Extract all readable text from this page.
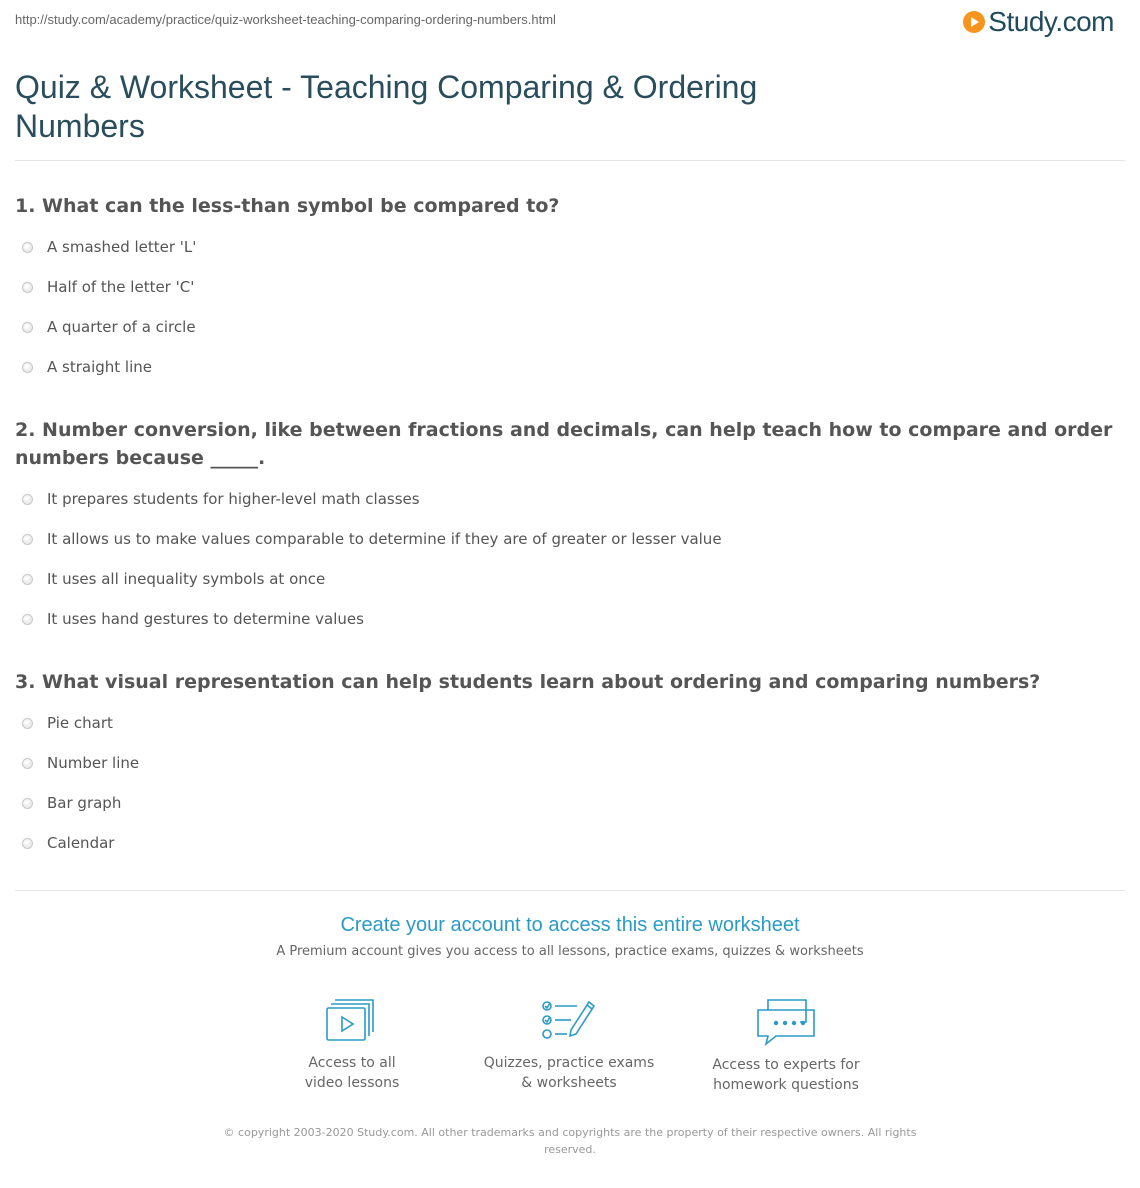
http://study.com/academy/practice/quiz-worksheet-teaching-comparing-ordering-numbers.html	Study.com
Quiz & Worksheet - Teaching Comparing & Ordering Numbers
1. What can the less-than symbol be compared to?
A smashed letter 'L'
Half of the letter 'C'
A quarter of a circle
A straight line
2. Number conversion, like between fractions and decimals, can help teach how to compare and order numbers because _____.
It prepares students for higher-level math classes
It allows us to make values comparable to determine if they are of greater or lesser value
It uses all inequality symbols at once
It uses hand gestures to determine values
3. What visual representation can help students learn about ordering and comparing numbers?
Pie chart
Number line
Bar graph
Calendar
Create your account to access this entire worksheet
A Premium account gives you access to all lessons, practice exams, quizzes & worksheets
Access to all
video lessons
Quizzes, practice exams
& worksheets
Access to experts for
homework questions
© copyright 2003-2020 Study.com. All other trademarks and copyrights are the property of their respective owners. All rights reserved.
